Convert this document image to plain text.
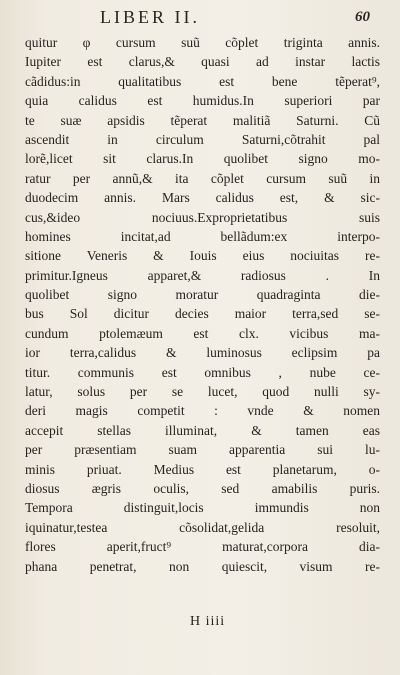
LIBER II.	60
quitur φ cursum suũ cõplet triginta annis.
Iupiter est clarus,& quasi ad instar lactis
cãdidus:in qualitatibus est bene tẽperat⁹,
quia calidus est humidus.In superiori par
te suæ apsidis tẽperat malitiã Saturni. Cũ
ascendit in circulum Saturni,cõtrahit pal
lorẽ,licet sit clarus.In quolibet signo mo-
ratur per annũ,& ita cõplet cursum suũ in
duodecim annis. Mars calidus est, & sic-
cus,&ideo nociuus.Exproprietatibus suis
homines incitat,ad bellãdum:ex interpo-
sitione Veneris & Iouis eius nociuitas re-
primitur.Igneus apparet,& radiosus . In
quolibet signo moratur quadraginta die-
bus Sol dicitur decies maior terra,sed se-
cundum ptolemæum est clx. vicibus ma-
ior terra,calidus & luminosus eclipsim pa
titur. communis est omnibus , nube ce-
latur, solus per se lucet, quod nulli sy-
deri magis competit : vnde & nomen
accepit stellas illuminat, & tamen eas
per præsentiam suam apparentia sui lu-
minis priuat. Medius est planetarum, o-
diosus ægris oculis, sed amabilis puris.
Tempora distinguit,locis immundis non
iquinatur,testea cõsolidat,gelida resoluit,
flores aperit,fruct⁹ maturat,corpora dia-
phana penetrat, non quiescit, visum re-
H iiii
